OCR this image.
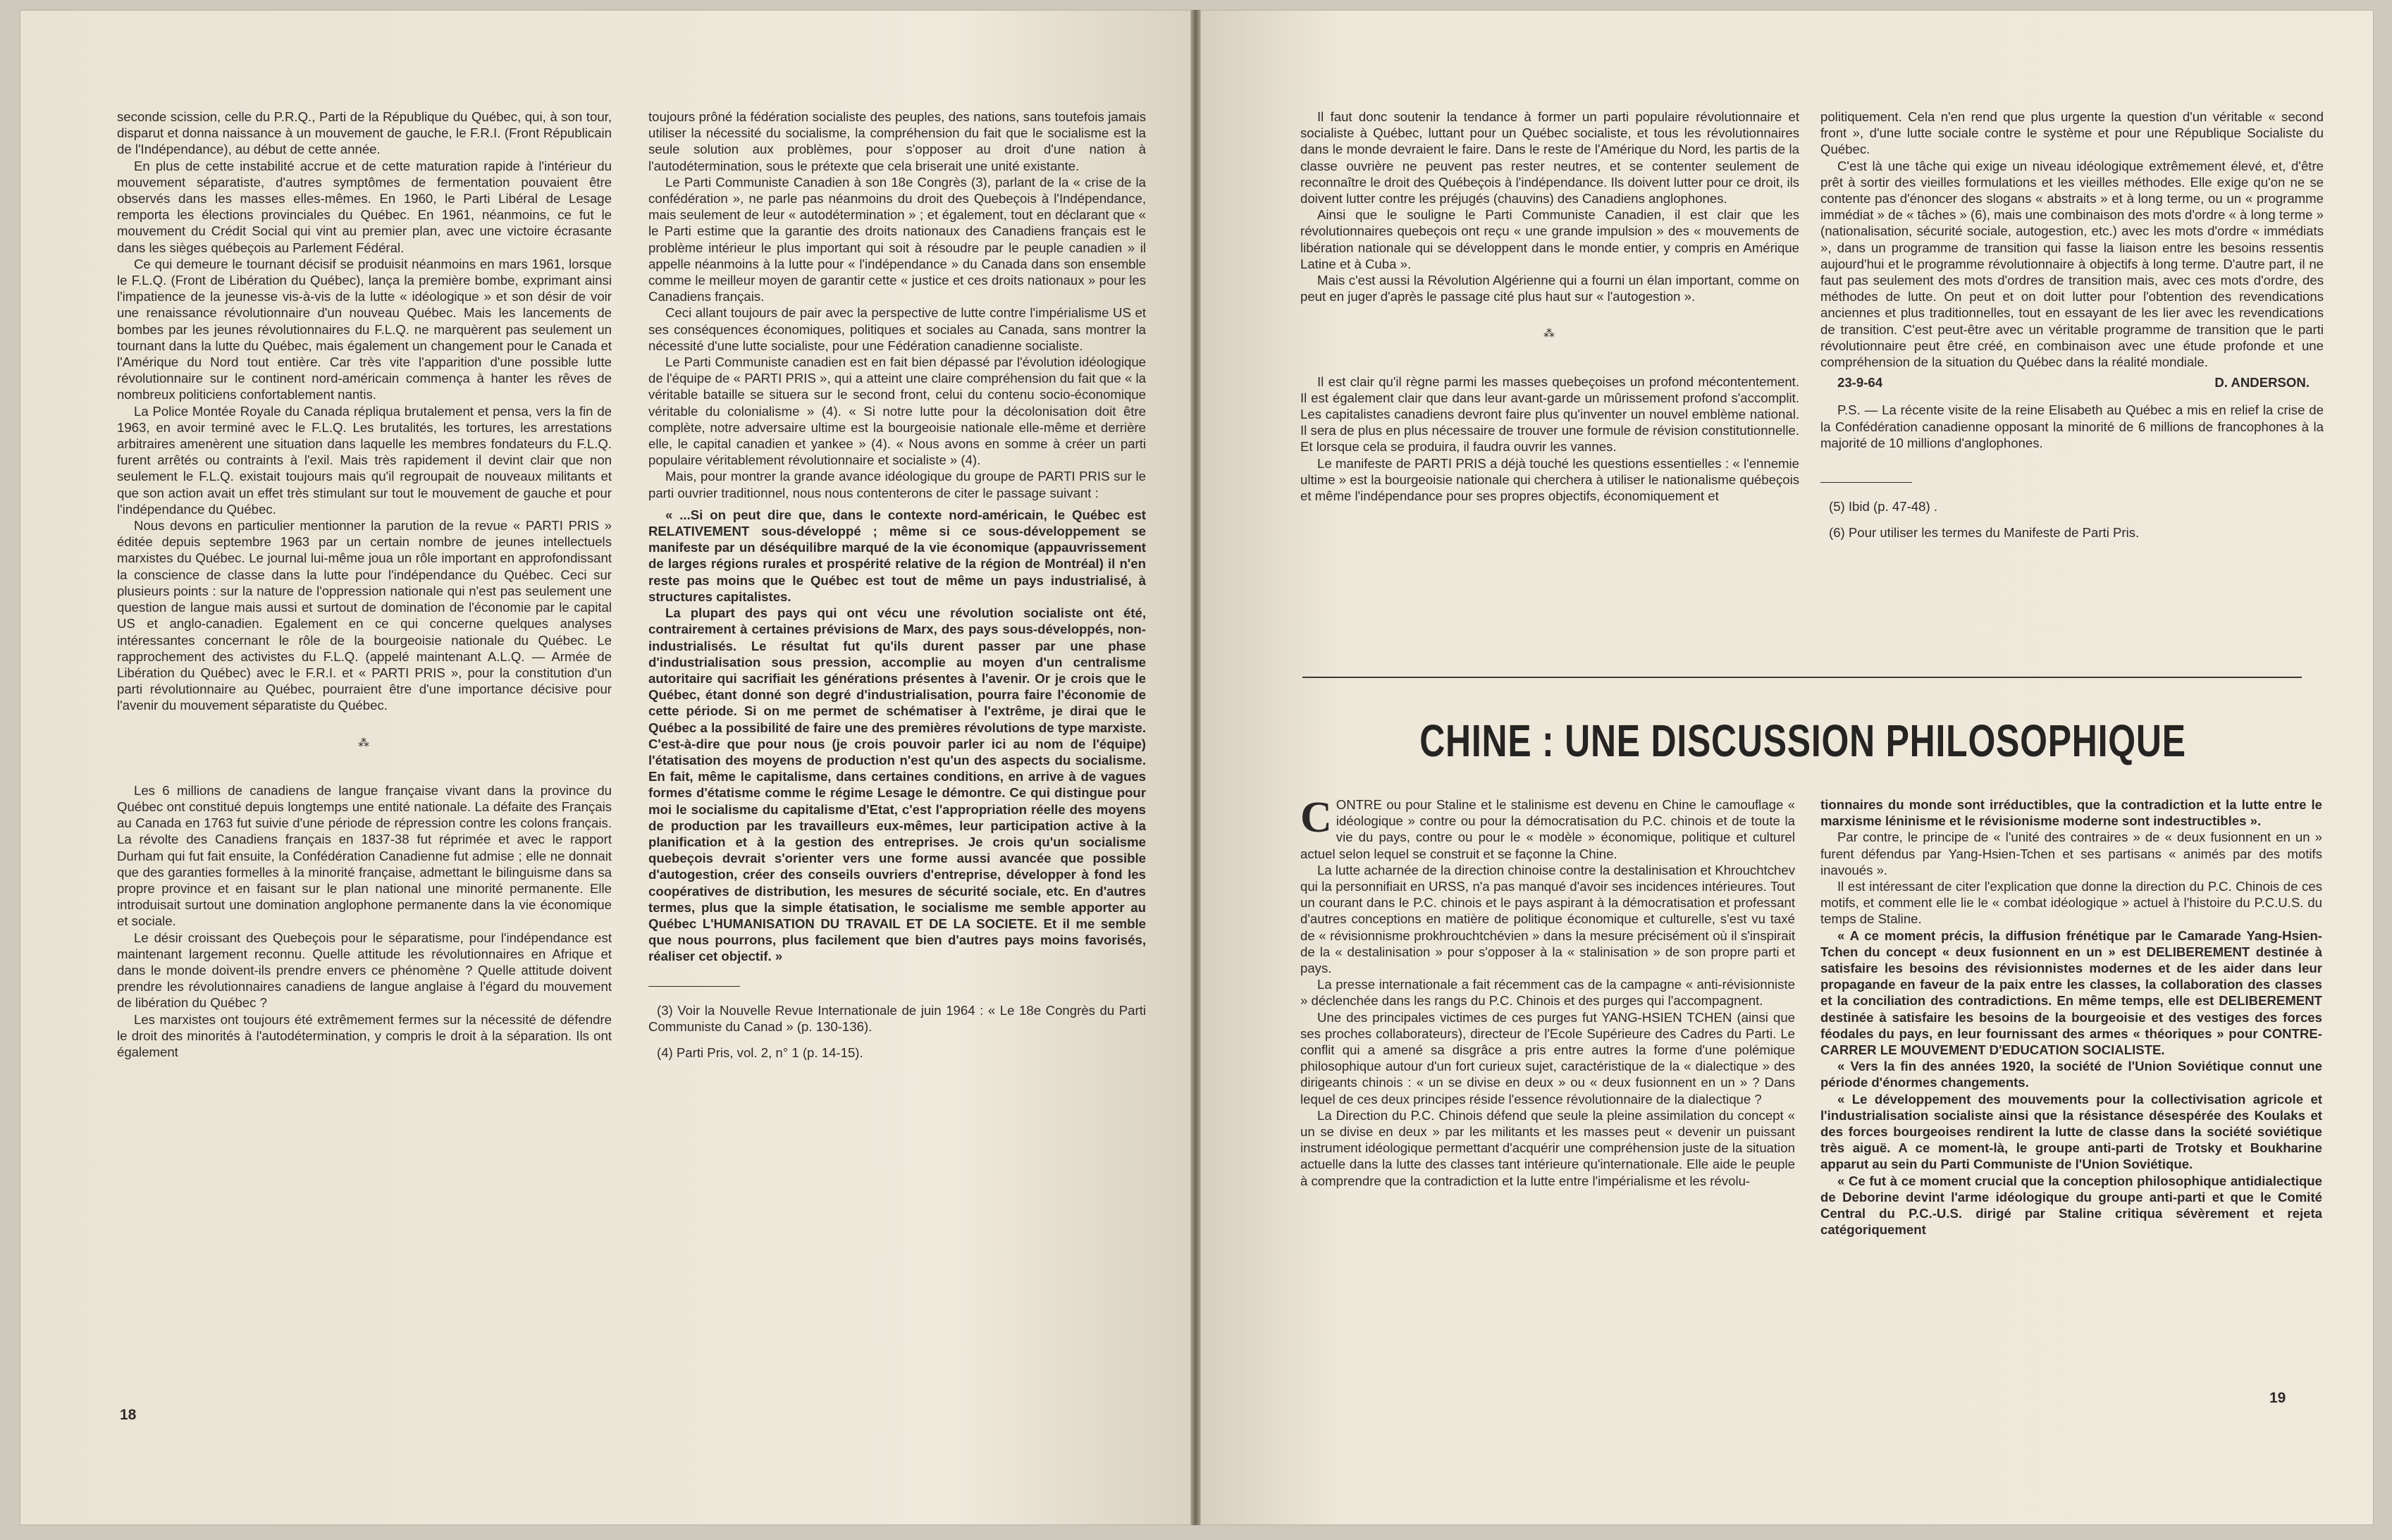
seconde scission, celle du P.R.Q., Parti de la République du Québec, qui, à son tour, disparut et donna naissance à un mouvement de gauche, le F.R.I. (Front Républicain de l'Indépendance), au début de cette année.

En plus de cette instabilité accrue et de cette maturation rapide à l'intérieur du mouvement séparatiste, d'autres symptômes de fermentation pouvaient être observés dans les masses elles-mêmes. En 1960, le Parti Libéral de Lesage remporta les élections provinciales du Québec. En 1961, néanmoins, ce fut le mouvement du Crédit Social qui vint au premier plan, avec une victoire écrasante dans les sièges québeçois au Parlement Fédéral.

Ce qui demeure le tournant décisif se produisit néanmoins en mars 1961, lorsque le F.L.Q. (Front de Libération du Québec), lança la première bombe, exprimant ainsi l'impatience de la jeunesse vis-à-vis de la lutte « idéologique » et son désir de voir une renaissance révolutionnaire d'un nouveau Québec. Mais les lancements de bombes par les jeunes révolutionnaires du F.L.Q. ne marquèrent pas seulement un tournant dans la lutte du Québec, mais également un changement pour le Canada et l'Amérique du Nord tout entière. Car très vite l'apparition d'une possible lutte révolutionnaire sur le continent nord-américain commença à hanter les rêves de nombreux politiciens confortablement nantis.

La Police Montée Royale du Canada répliqua brutalement et pensa, vers la fin de 1963, en avoir terminé avec le F.L.Q. Les brutalités, les tortures, les arrestations arbitraires amenèrent une situation dans laquelle les membres fondateurs du F.L.Q. furent arrêtés ou contraints à l'exil. Mais très rapidement il devint clair que non seulement le F.L.Q. existait toujours mais qu'il regroupait de nouveaux militants et que son action avait un effet très stimulant sur tout le mouvement de gauche et pour l'indépendance du Québec.

Nous devons en particulier mentionner la parution de la revue « PARTI PRIS » éditée depuis septembre 1963 par un certain nombre de jeunes intellectuels marxistes du Québec. Le journal lui-même joua un rôle important en approfondissant la conscience de classe dans la lutte pour l'indépendance du Québec. Ceci sur plusieurs points : sur la nature de l'oppression nationale qui n'est pas seulement une question de langue mais aussi et surtout de domination de l'économie par le capital US et anglo-canadien. Egalement en ce qui concerne quelques analyses intéressantes concernant le rôle de la bourgeoisie nationale du Québec. Le rapprochement des activistes du F.L.Q. (appelé maintenant A.L.Q. — Armée de Libération du Québec) avec le F.R.I. et « PARTI PRIS », pour la constitution d'un parti révolutionnaire au Québec, pourraient être d'une importance décisive pour l'avenir du mouvement séparatiste du Québec.

⁂

Les 6 millions de canadiens de langue française vivant dans la province du Québec ont constitué depuis longtemps une entité nationale. La défaite des Français au Canada en 1763 fut suivie d'une période de répression contre les colons français. La révolte des Canadiens français en 1837-38 fut réprimée et avec le rapport Durham qui fut fait ensuite, la Confédération Canadienne fut admise ; elle ne donnait que des garanties formelles à la minorité française, admettant le bilinguisme dans sa propre province et en faisant sur le plan national une minorité permanente. Elle introduisait surtout une domination anglophone permanente dans la vie économique et sociale.

Le désir croissant des Quebeçois pour le séparatisme, pour l'indépendance est maintenant largement reconnu. Quelle attitude les révolutionnaires en Afrique et dans le monde doivent-ils prendre envers ce phénomène ? Quelle attitude doivent prendre les révolutionnaires canadiens de langue anglaise à l'égard du mouvement de libération du Québec ?

Les marxistes ont toujours été extrêmement fermes sur la nécessité de défendre le droit des minorités à l'autodétermination, y compris le droit à la séparation. Ils ont également

toujours prôné la fédération socialiste des peuples, des nations, sans toutefois jamais utiliser la nécessité du socialisme, la compréhension du fait que le socialisme est la seule solution aux problèmes, pour s'opposer au droit d'une nation à l'autodétermination, sous le prétexte que cela briserait une unité existante.

Le Parti Communiste Canadien à son 18e Congrès (3), parlant de la « crise de la confédération », ne parle pas néanmoins du droit des Quebeçois à l'Indépendance, mais seulement de leur « autodétermination » ; et également, tout en déclarant que « le Parti estime que la garantie des droits nationaux des Canadiens français est le problème intérieur le plus important qui soit à résoudre par le peuple canadien » il appelle néanmoins à la lutte pour « l'indépendance » du Canada dans son ensemble comme le meilleur moyen de garantir cette « justice et ces droits nationaux » pour les Canadiens français.

Ceci allant toujours de pair avec la perspective de lutte contre l'impérialisme US et ses conséquences économiques, politiques et sociales au Canada, sans montrer la nécessité d'une lutte socialiste, pour une Fédération canadienne socialiste.

Le Parti Communiste canadien est en fait bien dépassé par l'évolution idéologique de l'équipe de « PARTI PRIS », qui a atteint une claire compréhension du fait que « la véritable bataille se situera sur le second front, celui du contenu socio-économique véritable du colonialisme » (4). « Si notre lutte pour la décolonisation doit être complète, notre adversaire ultime est la bourgeoisie nationale elle-même et derrière elle, le capital canadien et yankee » (4). « Nous avons en somme à créer un parti populaire véritablement révolutionnaire et socialiste » (4).

Mais, pour montrer la grande avance idéologique du groupe de PARTI PRIS sur le parti ouvrier traditionnel, nous nous contenterons de citer le passage suivant :

« ...Si on peut dire que, dans le contexte nord-américain, le Québec est RELATIVEMENT sous-développé ; même si ce sous-développement se manifeste par un déséquilibre marqué de la vie économique (appauvrissement de larges régions rurales et prospérité relative de la région de Montréal) il n'en reste pas moins que le Québec est tout de même un pays industrialisé, à structures capitalistes.

La plupart des pays qui ont vécu une révolution socialiste ont été, contrairement à certaines prévisions de Marx, des pays sous-développés, non-industrialisés. Le résultat fut qu'ils durent passer par une phase d'industrialisation sous pression, accomplie au moyen d'un centralisme autoritaire qui sacrifiait les générations présentes à l'avenir. Or je crois que le Québec, étant donné son degré d'industrialisation, pourra faire l'économie de cette période. Si on me permet de schématiser à l'extrême, je dirai que le Québec a la possibilité de faire une des premières révolutions de type marxiste. C'est-à-dire que pour nous (je crois pouvoir parler ici au nom de l'équipe) l'étatisation des moyens de production n'est qu'un des aspects du socialisme. En fait, même le capitalisme, dans certaines conditions, en arrive à de vagues formes d'étatisme comme le régime Lesage le démontre. Ce qui distingue pour moi le socialisme du capitalisme d'Etat, c'est l'appropriation réelle des moyens de production par les travailleurs eux-mêmes, leur participation active à la planification et à la gestion des entreprises. Je crois qu'un socialisme quebeçois devrait s'orienter vers une forme aussi avancée que possible d'autogestion, créer des conseils ouvriers d'entreprise, développer à fond les coopératives de distribution, les mesures de sécurité sociale, etc. En d'autres termes, plus que la simple étatisation, le socialisme me semble apporter au Québec L'HUMANISATION DU TRAVAIL ET DE LA SOCIETE. Et il me semble que nous pourrons, plus facilement que bien d'autres pays moins favorisés, réaliser cet objectif. »

(3) Voir la Nouvelle Revue Internationale de juin 1964 : « Le 18e Congrès du Parti Communiste du Canad » (p. 130-136).

(4) Parti Pris, vol. 2, n° 1 (p. 14-15).

18

Il faut donc soutenir la tendance à former un parti populaire révolutionnaire et socialiste à Québec, luttant pour un Québec socialiste, et tous les révolutionnaires dans le monde devraient le faire. Dans le reste de l'Amérique du Nord, les partis de la classe ouvrière ne peuvent pas rester neutres, et se contenter seulement de reconnaître le droit des Québeçois à l'indépendance. Ils doivent lutter pour ce droit, ils doivent lutter contre les préjugés (chauvins) des Canadiens anglophones.

Ainsi que le souligne le Parti Communiste Canadien, il est clair que les révolutionnaires quebeçois ont reçu « une grande impulsion » des « mouvements de libération nationale qui se développent dans le monde entier, y compris en Amérique Latine et à Cuba ».

Mais c'est aussi la Révolution Algérienne qui a fourni un élan important, comme on peut en juger d'après le passage cité plus haut sur « l'autogestion ».

⁂

Il est clair qu'il règne parmi les masses quebeçoises un profond mécontentement. Il est également clair que dans leur avant-garde un mûrissement profond s'accomplit. Les capitalistes canadiens devront faire plus qu'inventer un nouvel emblème national. Il sera de plus en plus nécessaire de trouver une formule de révision constitutionnelle. Et lorsque cela se produira, il faudra ouvrir les vannes.

Le manifeste de PARTI PRIS a déjà touché les questions essentielles : « l'ennemie ultime » est la bourgeoisie nationale qui cherchera à utiliser le nationalisme québeçois et même l'indépendance pour ses propres objectifs, économiquement et

politiquement. Cela n'en rend que plus urgente la question d'un véritable « second front », d'une lutte sociale contre le système et pour une République Socialiste du Québec.

C'est là une tâche qui exige un niveau idéologique extrêmement élevé, et, d'être prêt à sortir des vieilles formulations et les vieilles méthodes. Elle exige qu'on ne se contente pas d'énoncer des slogans « abstraits » et à long terme, ou un « programme immédiat » de « tâches » (6), mais une combinaison des mots d'ordre « à long terme » (nationalisation, sécurité sociale, autogestion, etc.) avec les mots d'ordre « immédiats », dans un programme de transition qui fasse la liaison entre les besoins ressentis aujourd'hui et le programme révolutionnaire à objectifs à long terme. D'autre part, il ne faut pas seulement des mots d'ordres de transition mais, avec ces mots d'ordre, des méthodes de lutte. On peut et on doit lutter pour l'obtention des revendications anciennes et plus traditionnelles, tout en essayant de les lier avec les revendications de transition. C'est peut-être avec un véritable programme de transition que le parti révolutionnaire peut être créé, en combinaison avec une étude profonde et une compréhension de la situation du Québec dans la réalité mondiale.

23-9-64	D. ANDERSON.

P.S. — La récente visite de la reine Elisabeth au Québec a mis en relief la crise de la Confédération canadienne opposant la minorité de 6 millions de francophones à la majorité de 10 millions d'anglophones.

(5) Ibid (p. 47-48) .

(6) Pour utiliser les termes du Manifeste de Parti Pris.

CHINE : UNE DISCUSSION PHILOSOPHIQUE

CONTRE ou pour Staline et le stalinisme est devenu en Chine le camouflage « idéologique » contre ou pour la démocratisation du P.C. chinois et de toute la vie du pays, contre ou pour le « modèle » économique, politique et culturel actuel selon lequel se construit et se façonne la Chine.

La lutte acharnée de la direction chinoise contre la destalinisation et Khrouchtchev qui la personnifiait en URSS, n'a pas manqué d'avoir ses incidences intérieures. Tout un courant dans le P.C. chinois et le pays aspirant à la démocratisation et professant d'autres conceptions en matière de politique économique et culturelle, s'est vu taxé de « révisionnisme prokhrouchtchévien » dans la mesure précisément où il s'inspirait de la « destalinisation » pour s'opposer à la « stalinisation » de son propre parti et pays.

La presse internationale a fait récemment cas de la campagne « anti-révisionniste » déclenchée dans les rangs du P.C. Chinois et des purges qui l'accompagnent.

Une des principales victimes de ces purges fut YANG-HSIEN TCHEN (ainsi que ses proches collaborateurs), directeur de l'Ecole Supérieure des Cadres du Parti. Le conflit qui a amené sa disgrâce a pris entre autres la forme d'une polémique philosophique autour d'un fort curieux sujet, caractéristique de la « dialectique » des dirigeants chinois : « un se divise en deux » ou « deux fusionnent en un » ? Dans lequel de ces deux principes réside l'essence révolutionnaire de la dialectique ?

La Direction du P.C. Chinois défend que seule la pleine assimilation du concept « un se divise en deux » par les militants et les masses peut « devenir un puissant instrument idéologique permettant d'acquérir une compréhension juste de la situation actuelle dans la lutte des classes tant intérieure qu'internationale. Elle aide le peuple à comprendre que la contradiction et la lutte entre l'impérialisme et les révolu-

tionnaires du monde sont irréductibles, que la contradiction et la lutte entre le marxisme léninisme et le révisionisme moderne sont indestructibles ».

Par contre, le principe de « l'unité des contraires » de « deux fusionnent en un » furent défendus par Yang-Hsien-Tchen et ses partisans « animés par des motifs inavoués ».

Il est intéressant de citer l'explication que donne la direction du P.C. Chinois de ces motifs, et comment elle lie le « combat idéologique » actuel à l'histoire du P.C.U.S. du temps de Staline.

« A ce moment précis, la diffusion frénétique par le Camarade Yang-Hsien-Tchen du concept « deux fusionnent en un » est DELIBEREMENT destinée à satisfaire les besoins des révisionnistes modernes et de les aider dans leur propagande en faveur de la paix entre les classes, la collaboration des classes et la conciliation des contradictions. En même temps, elle est DELIBEREMENT destinée à satisfaire les besoins de la bourgeoisie et des vestiges des forces féodales du pays, en leur fournissant des armes « théoriques » pour CONTRE-CARRER LE MOUVEMENT D'EDUCATION SOCIALISTE.

« Vers la fin des années 1920, la société de l'Union Soviétique connut une période d'énormes changements.

« Le développement des mouvements pour la collectivisation agricole et l'industrialisation socialiste ainsi que la résistance désespérée des Koulaks et des forces bourgeoises rendirent la lutte de classe dans la société soviétique très aiguë. A ce moment-là, le groupe anti-parti de Trotsky et Boukharine apparut au sein du Parti Communiste de l'Union Soviétique.

« Ce fut à ce moment crucial que la conception philosophique antidialectique de Deborine devint l'arme idéologique du groupe anti-parti et que le Comité Central du P.C.-U.S. dirigé par Staline critiqua sévèrement et rejeta catégoriquement

19
